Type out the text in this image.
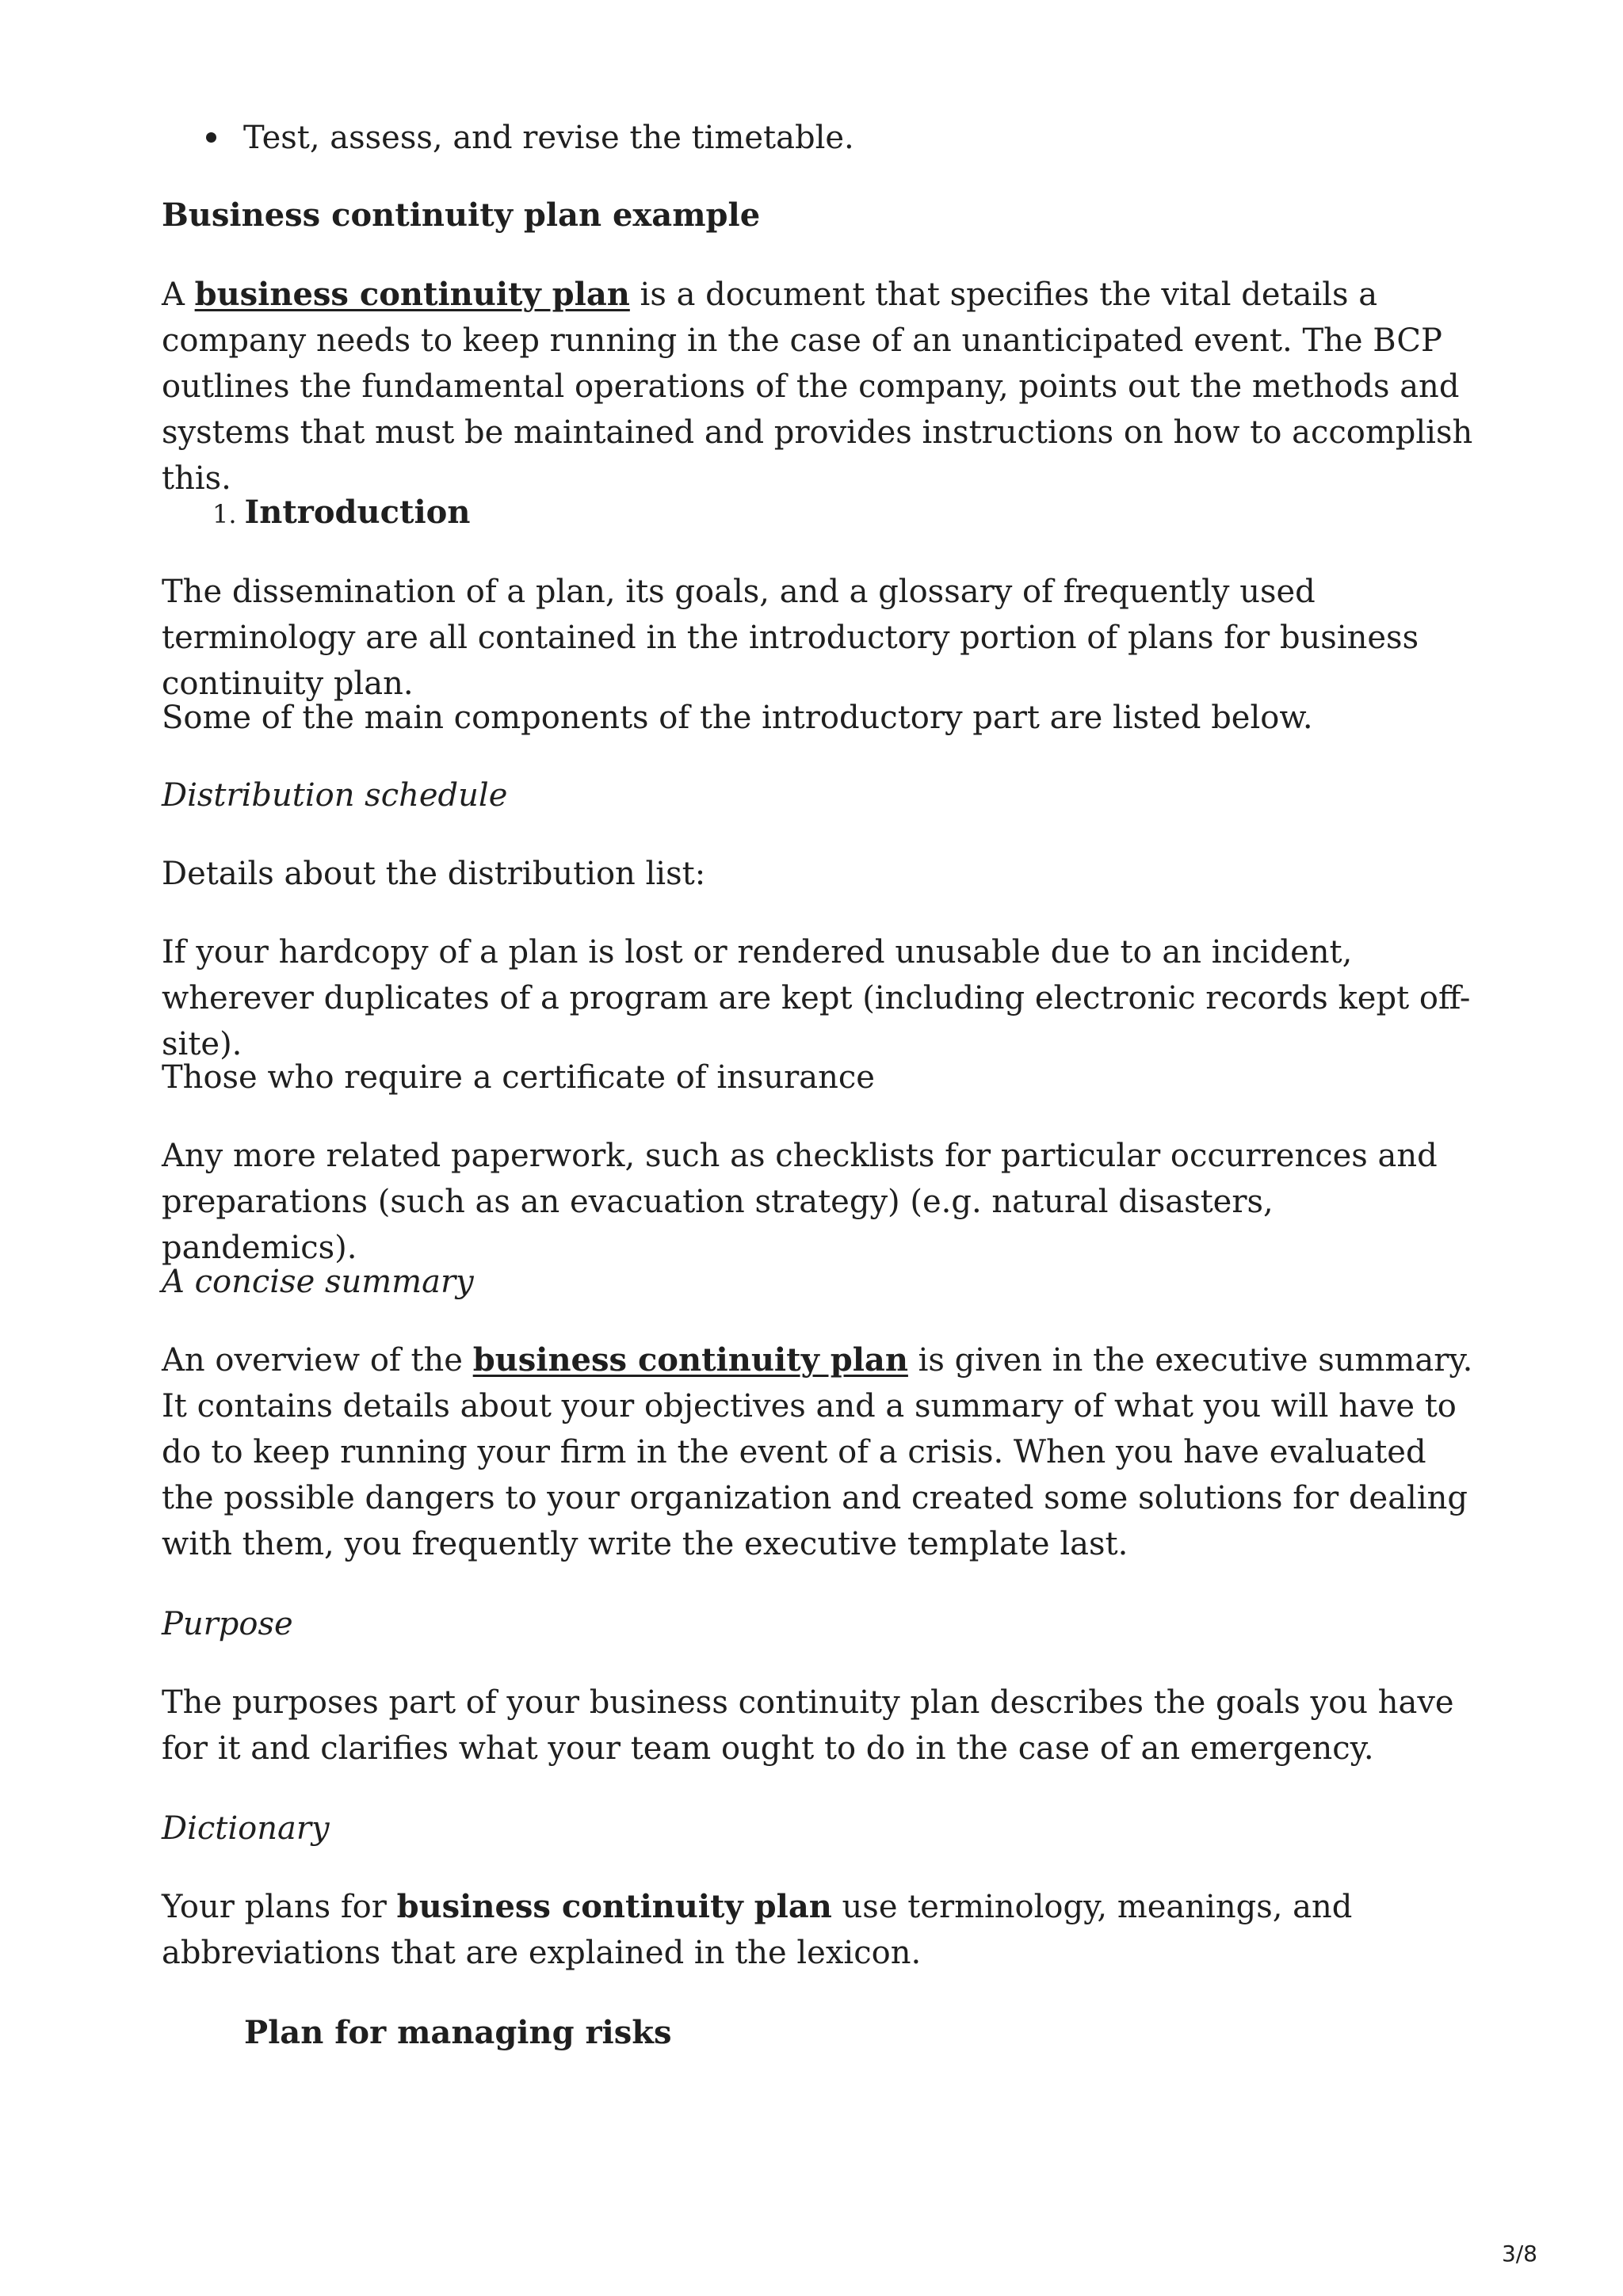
Test, assess, and revise the timetable.

Business continuity plan example

A business continuity plan is a document that specifies the vital details a company needs to keep running in the case of an unanticipated event. The BCP outlines the fundamental operations of the company, points out the methods and systems that must be maintained and provides instructions on how to accomplish this.

1. Introduction

The dissemination of a plan, its goals, and a glossary of frequently used terminology are all contained in the introductory portion of plans for business continuity plan.

Some of the main components of the introductory part are listed below.

Distribution schedule

Details about the distribution list:

If your hardcopy of a plan is lost or rendered unusable due to an incident, wherever duplicates of a program are kept (including electronic records kept off-site).

Those who require a certificate of insurance

Any more related paperwork, such as checklists for particular occurrences and preparations (such as an evacuation strategy) (e.g. natural disasters, pandemics).

A concise summary

An overview of the business continuity plan is given in the executive summary. It contains details about your objectives and a summary of what you will have to do to keep running your firm in the event of a crisis. When you have evaluated the possible dangers to your organization and created some solutions for dealing with them, you frequently write the executive template last.

Purpose

The purposes part of your business continuity plan describes the goals you have for it and clarifies what your team ought to do in the case of an emergency.

Dictionary

Your plans for business continuity plan use terminology, meanings, and abbreviations that are explained in the lexicon.

Plan for managing risks
3/8
